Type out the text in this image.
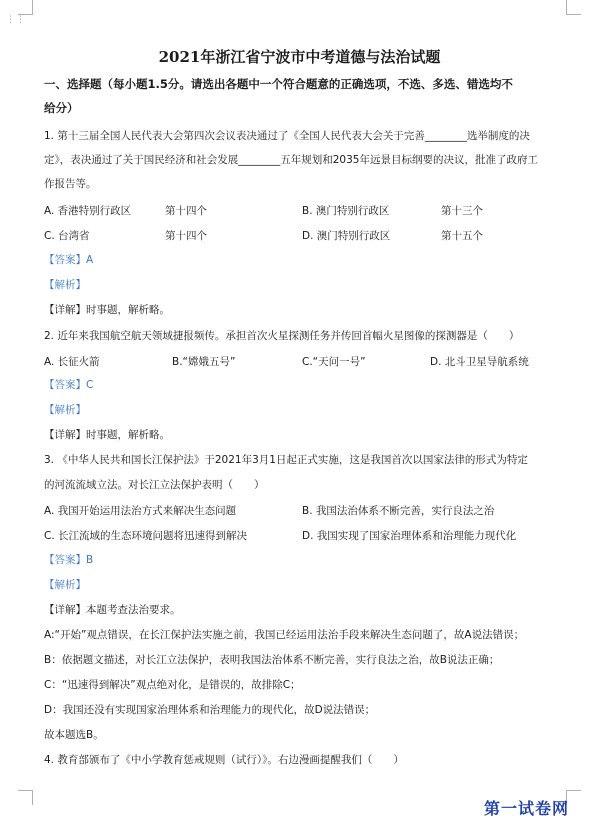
⋮⋮
2021年浙江省宁波市中考道德与法治试题
一、选择题（每小题1.5分。请选出各题中一个符合题意的正确选项，不选、多选、错选均不
给分）
1. 第十三届全国人民代表大会第四次会议表决通过了《全国人民代表大会关于完善________选举制度的决
定》，表决通过了关于国民经济和社会发展________五年规划和2035年远景目标纲要的决议，批准了政府工
作报告等。
A. 香港特别行政区	第十四个	B. 澳门特别行政区	第十三个
C. 台湾省	第十四个	D. 澳门特别行政区	第十五个
【答案】A
【解析】
【详解】时事题，解析略。
2. 近年来我国航空航天领域捷报频传。承担首次火星探测任务并传回首幅火星图像的探测器是（　　）
A. 长征火箭	B.“嫦娥五号”	C.“天问一号”	D. 北斗卫星导航系统
【答案】C
【解析】
【详解】时事题，解析略。
3. 《中华人民共和国长江保护法》于2021年3月1日起正式实施，这是我国首次以国家法律的形式为特定
的河流流域立法。对长江立法保护表明（　　）
A. 我国开始运用法治方式来解决生态问题	B. 我国法治体系不断完善，实行良法之治
C. 长江流域的生态环境问题将迅速得到解决	D. 我国实现了国家治理体系和治理能力现代化
【答案】B
【解析】
【详解】本题考查法治要求。
A:“开始”观点错误，在长江保护法实施之前，我国已经运用法治手段来解决生态问题了，故A说法错误；
B：依据题文描述，对长江立法保护，表明我国法治体系不断完善，实行良法之治，故B说法正确；
C：“迅速得到解决”观点绝对化，是错误的，故排除C；
D：我国还没有实现国家治理体系和治理能力的现代化，故D说法错误；
故本题选B。
4. 教育部颁布了《中小学教育惩戒规则（试行）》。右边漫画提醒我们（　　）
第一试卷网
